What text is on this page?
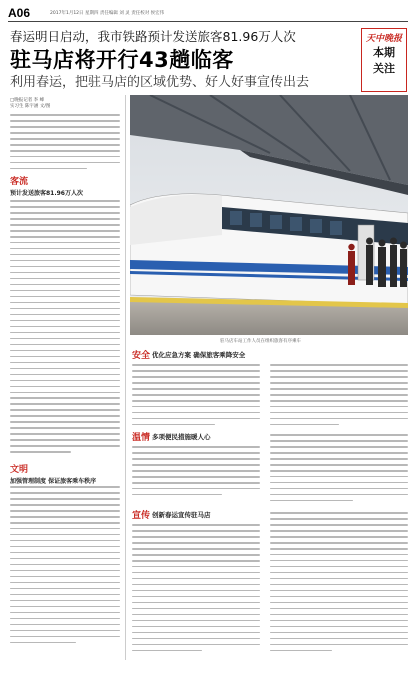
A06	2017年1月12日 星期四 责任编辑 刘 灵 责任校对 侯宏伟
天中晚报
本期
关注
春运明日启动，我市铁路预计发送旅客81.96万人次
驻马店将开行43趟临客
利用春运，把驻马店的区域优势、好人好事宣传出去
□晚报记者 李 峰
实习生 陈宇涵 文/图
客流
预计发送旅客81.96万人次
文明
加强管理制度 保证旅客乘车秩序
驻马店车站工作人员在组织旅客有序乘车
安全 优化应急方案 确保旅客乘降安全
温情 多项便民措施暖人心
宣传 创新春运宣传驻马店
